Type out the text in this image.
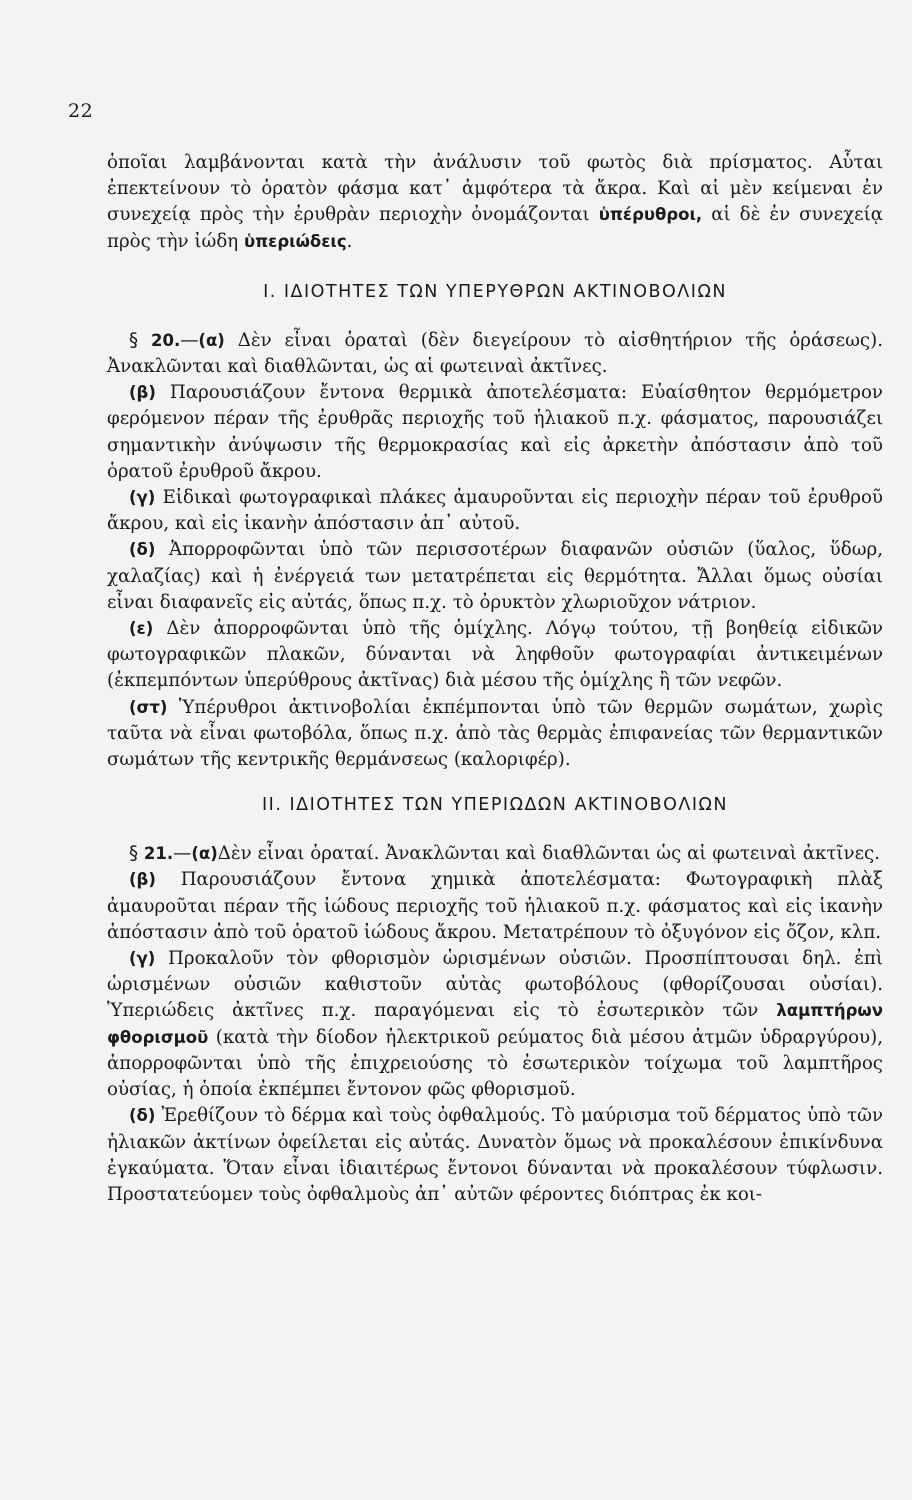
22

ὁποῖαι λαμβάνονται κατὰ τὴν ἀνάλυσιν τοῦ φωτὸς διὰ πρίσματος. Αὗται ἐπεκτείνουν τὸ ὁρατὸν φάσμα κατ᾽ ἀμφότερα τὰ ἄκρα. Καὶ αἱ μὲν κείμεναι ἐν συνεχείᾳ πρὸς τὴν ἐρυθρὰν περιοχὴν ὀνομάζονται ὑπέρυθροι, αἱ δὲ ἐν συνεχείᾳ πρὸς τὴν ἰώδη ὑπεριώδεις.

I. ΙΔΙΟΤΗΤΕΣ ΤΩΝ ΥΠΕΡΥΘΡΩΝ ΑΚΤΙΝΟΒΟΛΙΩΝ

§ 20.—(α) Δὲν εἶναι ὁραταὶ (δὲν διεγείρουν τὸ αἰσθητήριον τῆς ὁράσεως). Ἀνακλῶνται καὶ διαθλῶνται, ὡς αἱ φωτειναὶ ἀκτῖνες.

(β) Παρουσιάζουν ἔντονα θερμικὰ ἀποτελέσματα: Εὐαίσθητον θερμόμετρον φερόμενον πέραν τῆς ἐρυθρᾶς περιοχῆς τοῦ ἡλιακοῦ π.χ. φάσματος, παρουσιάζει σημαντικὴν ἀνύψωσιν τῆς θερμοκρασίας καὶ εἰς ἀρκετὴν ἀπόστασιν ἀπὸ τοῦ ὁρατοῦ ἐρυθροῦ ἄκρου.

(γ) Εἰδικαὶ φωτογραφικαὶ πλάκες ἀμαυροῦνται εἰς περιοχὴν πέραν τοῦ ἐρυθροῦ ἄκρου, καὶ εἰς ἱκανὴν ἀπόστασιν ἀπ᾽ αὐτοῦ.

(δ) Ἀπορροφῶνται ὑπὸ τῶν περισσοτέρων διαφανῶν οὐσιῶν (ὕαλος, ὕδωρ, χαλαζίας) καὶ ἡ ἐνέργειά των μετατρέπεται εἰς θερμότητα. Ἄλλαι ὅμως οὐσίαι εἶναι διαφανεῖς εἰς αὐτάς, ὅπως π.χ. τὸ ὀρυκτὸν χλωριοῦχον νάτριον.

(ε) Δὲν ἀπορροφῶνται ὑπὸ τῆς ὁμίχλης. Λόγῳ τούτου, τῇ βοηθείᾳ εἰδικῶν φωτογραφικῶν πλακῶν, δύνανται νὰ ληφθοῦν φωτογραφίαι ἀντικειμένων (ἐκπεμπόντων ὑπερύθρους ἀκτῖνας) διὰ μέσου τῆς ὁμίχλης ἢ τῶν νεφῶν.

(στ) Ὑπέρυθροι ἀκτινοβολίαι ἐκπέμπονται ὑπὸ τῶν θερμῶν σωμάτων, χωρὶς ταῦτα νὰ εἶναι φωτοβόλα, ὅπως π.χ. ἀπὸ τὰς θερμὰς ἐπιφανείας τῶν θερμαντικῶν σωμάτων τῆς κεντρικῆς θερμάνσεως (καλοριφέρ).

II. ΙΔΙΟΤΗΤΕΣ ΤΩΝ ΥΠΕΡΙΩΔΩΝ ΑΚΤΙΝΟΒΟΛΙΩΝ

§ 21.—(α)Δὲν εἶναι ὁραταί. Ἀνακλῶνται καὶ διαθλῶνται ὡς αἱ φωτειναὶ ἀκτῖνες.

(β) Παρουσιάζουν ἔντονα χημικὰ ἀποτελέσματα: Φωτογραφικὴ πλὰξ ἀμαυροῦται πέραν τῆς ἰώδους περιοχῆς τοῦ ἡλιακοῦ π.χ. φάσματος καὶ εἰς ἱκανὴν ἀπόστασιν ἀπὸ τοῦ ὁρατοῦ ἰώδους ἄκρου. Μετατρέπουν τὸ ὀξυγόνον εἰς ὄζον, κλπ.

(γ) Προκαλοῦν τὸν φθορισμὸν ὡρισμένων οὐσιῶν. Προσπίπτουσαι δηλ. ἐπὶ ὡρισμένων οὐσιῶν καθιστοῦν αὐτὰς φωτοβόλους (φθορίζουσαι οὐσίαι). Ὑπεριώδεις ἀκτῖνες π.χ. παραγόμεναι εἰς τὸ ἐσωτερικὸν τῶν λαμπτήρων φθορισμοῦ (κατὰ τὴν δίοδον ἠλεκτρικοῦ ρεύματος διὰ μέσου ἀτμῶν ὑδραργύρου), ἀπορροφῶνται ὑπὸ τῆς ἐπιχρειούσης τὸ ἐσωτερικὸν τοίχωμα τοῦ λαμπτῆρος οὐσίας, ἡ ὁποία ἐκπέμπει ἔντονον φῶς φθορισμοῦ.

(δ) Ἐρεθίζουν τὸ δέρμα καὶ τοὺς ὀφθαλμούς. Τὸ μαύρισμα τοῦ δέρματος ὑπὸ τῶν ἡλιακῶν ἀκτίνων ὀφείλεται εἰς αὐτάς. Δυνατὸν ὅμως νὰ προκαλέσουν ἐπικίνδυνα ἐγκαύματα. Ὅταν εἶναι ἰδιαιτέρως ἔντονοι δύνανται νὰ προκαλέσουν τύφλωσιν. Προστατεύομεν τοὺς ὀφθαλμοὺς ἀπ᾽ αὐτῶν φέροντες διόπτρας ἐκ κοι-
